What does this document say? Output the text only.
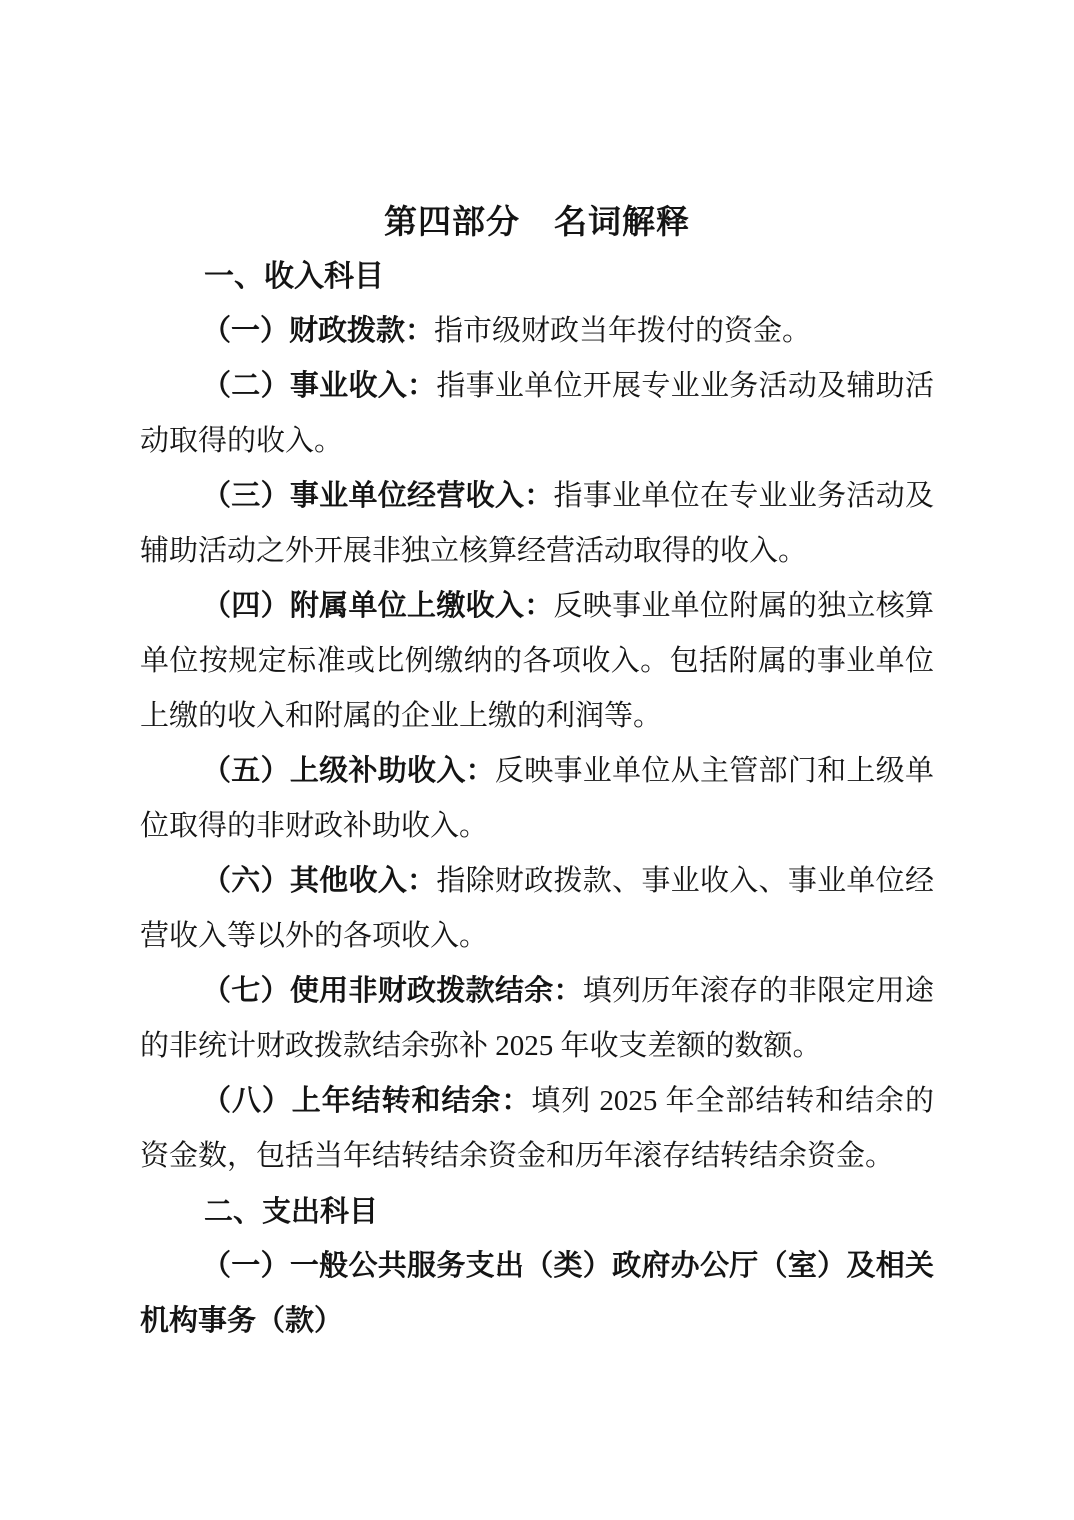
第四部分　名词解释
一、收入科目

（一）财政拨款：指市级财政当年拨付的资金。

（二）事业收入：指事业单位开展专业业务活动及辅助活动取得的收入。

（三）事业单位经营收入：指事业单位在专业业务活动及辅助活动之外开展非独立核算经营活动取得的收入。

（四）附属单位上缴收入：反映事业单位附属的独立核算单位按规定标准或比例缴纳的各项收入。包括附属的事业单位上缴的收入和附属的企业上缴的利润等。

（五）上级补助收入：反映事业单位从主管部门和上级单位取得的非财政补助收入。

（六）其他收入：指除财政拨款、事业收入、事业单位经营收入等以外的各项收入。

（七）使用非财政拨款结余：填列历年滚存的非限定用途的非统计财政拨款结余弥补 2025 年收支差额的数额。

（八）上年结转和结余：填列 2025 年全部结转和结余的资金数，包括当年结转结余资金和历年滚存结转结余资金。

二、支出科目

（一）一般公共服务支出（类）政府办公厅（室）及相关机构事务（款）
